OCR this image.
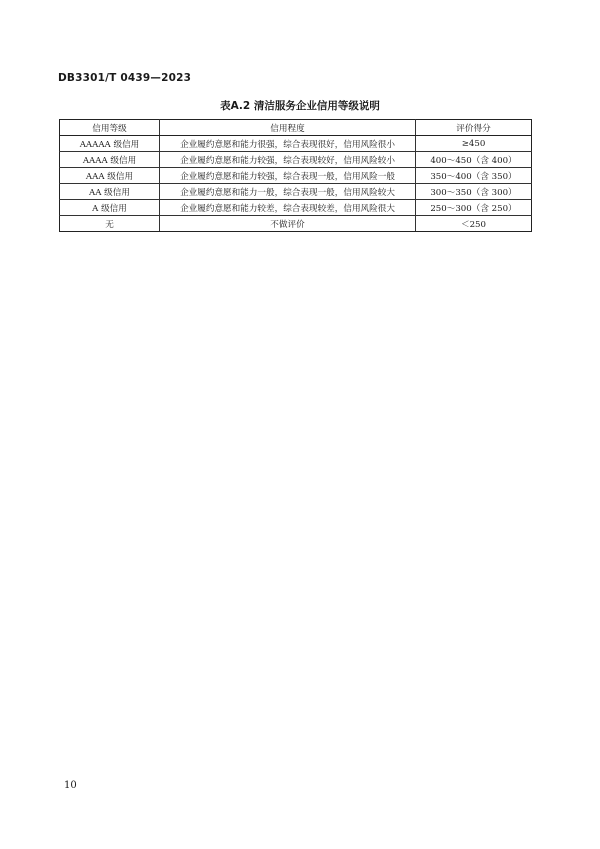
DB3301/T 0439—2023
表A.2 清洁服务企业信用等级说明
信用等级	信用程度	评价得分
AAAAA 级信用	企业履约意愿和能力很强，综合表现很好，信用风险很小	≥450
AAAA 级信用	企业履约意愿和能力较强，综合表现较好，信用风险较小	400～450（含 400）
AAA 级信用	企业履约意愿和能力较强，综合表现一般，信用风险一般	350～400（含 350）
AA 级信用	企业履约意愿和能力一般，综合表现一般，信用风险较大	300～350（含 300）
A 级信用	企业履约意愿和能力较差，综合表现较差，信用风险很大	250～300（含 250）
无	不做评价	＜250
10
